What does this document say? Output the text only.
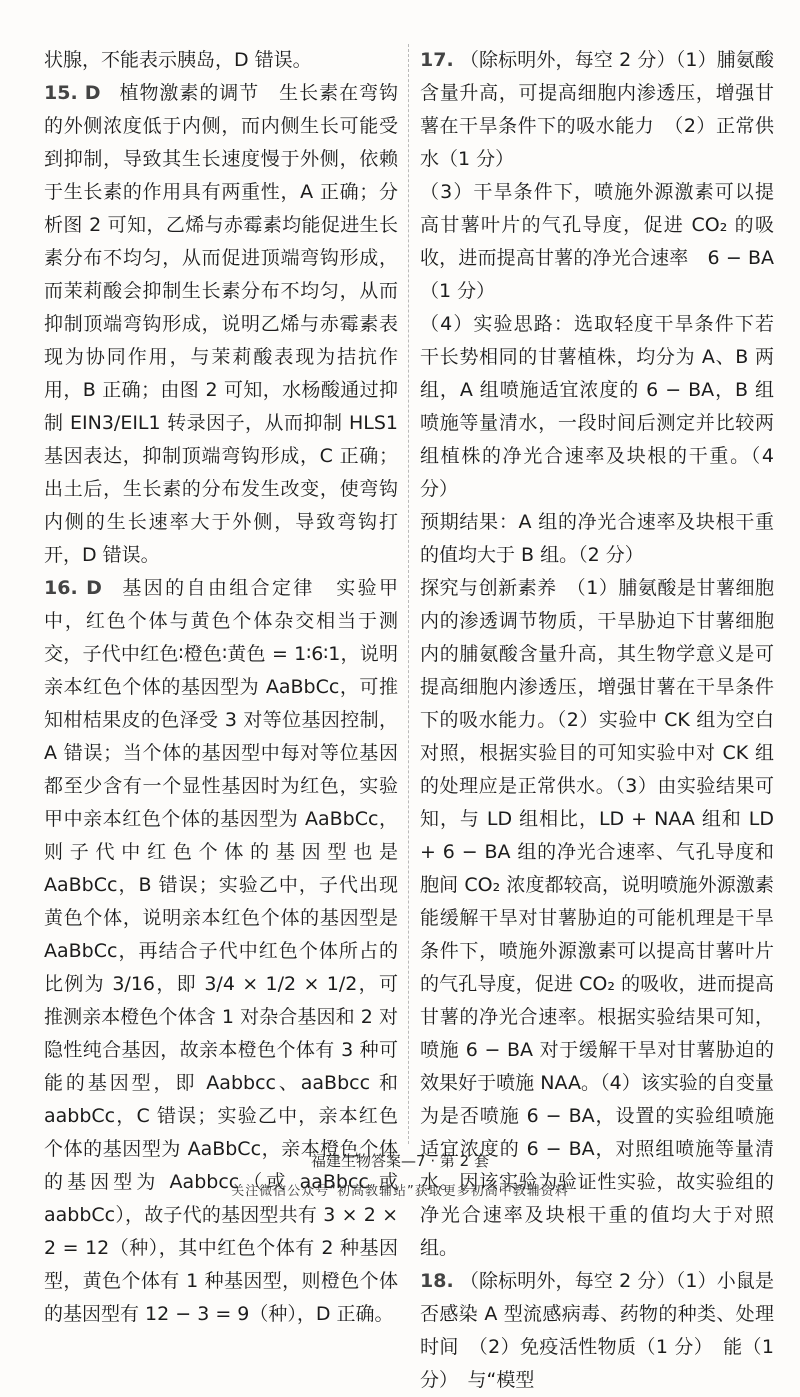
状腺，不能表示胰岛，D 错误。

15. D 植物激素的调节　生长素在弯钩的外侧浓度低于内侧，而内侧生长可能受到抑制，导致其生长速度慢于外侧，依赖于生长素的作用具有两重性，A 正确；分析图 2 可知，乙烯与赤霉素均能促进生长素分布不均匀，从而促进顶端弯钩形成，而茉莉酸会抑制生长素分布不均匀，从而抑制顶端弯钩形成，说明乙烯与赤霉素表现为协同作用，与茉莉酸表现为拮抗作用，B 正确；由图 2 可知，水杨酸通过抑制 EIN3/EIL1 转录因子，从而抑制 HLS1 基因表达，抑制顶端弯钩形成，C 正确；出土后，生长素的分布发生改变，使弯钩内侧的生长速率大于外侧，导致弯钩打开，D 错误。

16. D 基因的自由组合定律　实验甲中，红色个体与黄色个体杂交相当于测交，子代中红色∶橙色∶黄色 = 1∶6∶1，说明亲本红色个体的基因型为 AaBbCc，可推知柑桔果皮的色泽受 3 对等位基因控制，A 错误；当个体的基因型中每对等位基因都至少含有一个显性基因时为红色，实验甲中亲本红色个体的基因型为 AaBbCc，则子代中红色个体的基因型也是 AaBbCc，B 错误；实验乙中，子代出现黄色个体，说明亲本红色个体的基因型是 AaBbCc，再结合子代中红色个体所占的比例为 3/16，即 3/4 × 1/2 × 1/2，可推测亲本橙色个体含 1 对杂合基因和 2 对隐性纯合基因，故亲本橙色个体有 3 种可能的基因型，即 Aabbcc、aaBbcc 和 aabbCc，C 错误；实验乙中，亲本红色个体的基因型为 AaBbCc，亲本橙色个体的基因型为 Aabbcc（或 aaBbcc 或 aabbCc），故子代的基因型共有 3 × 2 × 2 = 12（种），其中红色个体有 2 种基因型，黄色个体有 1 种基因型，则橙色个体的基因型有 12 − 3 = 9（种），D 正确。

17. （除标明外，每空 2 分）（1）脯氨酸含量升高，可提高细胞内渗透压，增强甘薯在干旱条件下的吸水能力　（2）正常供水（1 分）

（3）干旱条件下，喷施外源激素可以提高甘薯叶片的气孔导度，促进 CO₂ 的吸收，进而提高甘薯的净光合速率　6 − BA（1 分）

（4）实验思路：选取轻度干旱条件下若干长势相同的甘薯植株，均分为 A、B 两组，A 组喷施适宜浓度的 6 − BA，B 组喷施等量清水，一段时间后测定并比较两组植株的净光合速率及块根的干重。（4 分）

预期结果：A 组的净光合速率及块根干重的值均大于 B 组。（2 分）

探究与创新素养　（1）脯氨酸是甘薯细胞内的渗透调节物质，干旱胁迫下甘薯细胞内的脯氨酸含量升高，其生物学意义是可提高细胞内渗透压，增强甘薯在干旱条件下的吸水能力。（2）实验中 CK 组为空白对照，根据实验目的可知实验中对 CK 组的处理应是正常供水。（3）由实验结果可知，与 LD 组相比，LD + NAA 组和 LD + 6 − BA 组的净光合速率、气孔导度和胞间 CO₂ 浓度都较高，说明喷施外源激素能缓解干旱对甘薯胁迫的可能机理是干旱条件下，喷施外源激素可以提高甘薯叶片的气孔导度，促进 CO₂ 的吸收，进而提高甘薯的净光合速率。根据实验结果可知，喷施 6 − BA 对于缓解干旱对甘薯胁迫的效果好于喷施 NAA。（4）该实验的自变量为是否喷施 6 − BA，设置的实验组喷施适宜浓度的 6 − BA，对照组喷施等量清水。因该实验为验证性实验，故实验组的净光合速率及块根干重的值均大于对照组。

18. （除标明外，每空 2 分）（1）小鼠是否感染 A 型流感病毒、药物的种类、处理时间　（2）免疫活性物质（1 分）　能（1 分）　与“模型

福建生物答案—7 · 第 2 套
关注微信公众号“初高教辅站”获取更多初高中教辅资料
